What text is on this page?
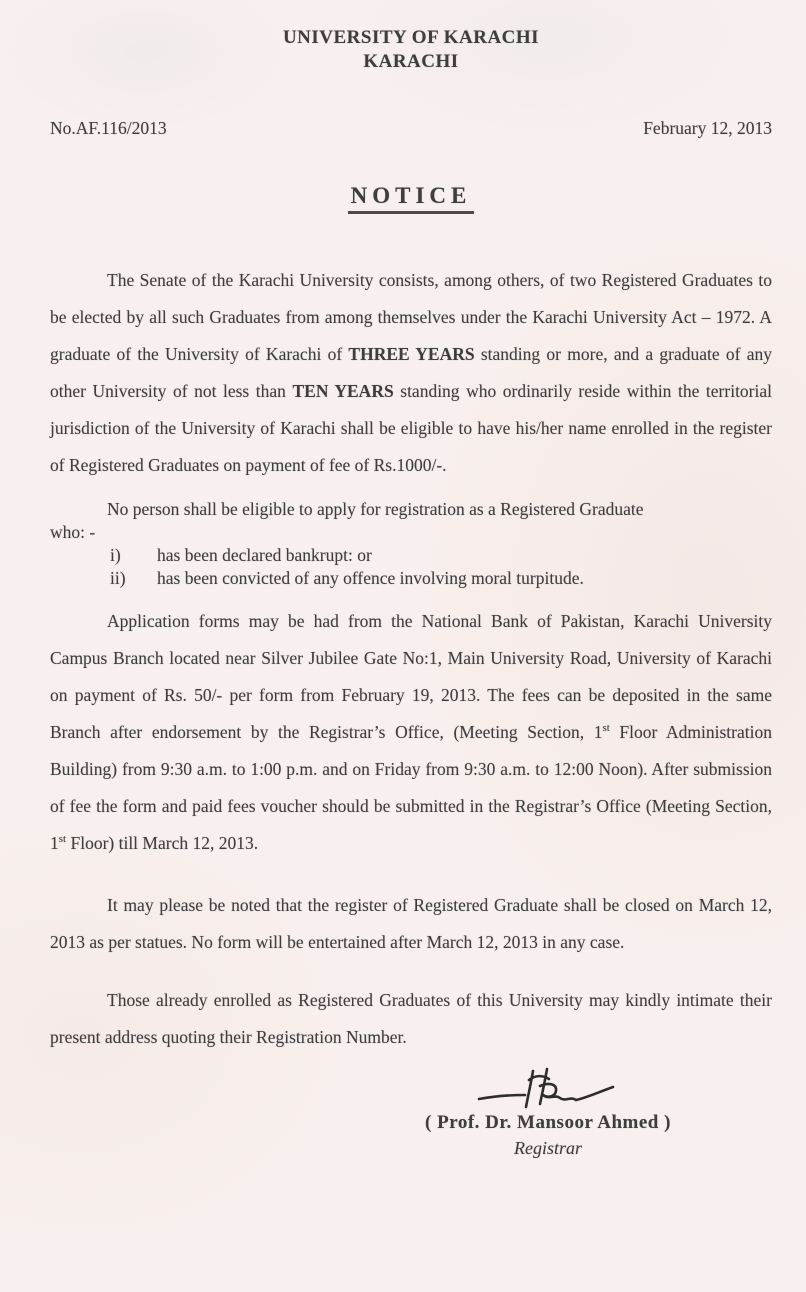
UNIVERSITY OF KARACHI
KARACHI
No.AF.116/2013	February 12, 2013
NOTICE

The Senate of the Karachi University consists, among others, of two Registered Graduates to be elected by all such Graduates from among themselves under the Karachi University Act – 1972. A graduate of the University of Karachi of THREE YEARS standing or more, and a graduate of any other University of not less than TEN YEARS standing who ordinarily reside within the territorial jurisdiction of the University of Karachi shall be eligible to have his/her name enrolled in the register of Registered Graduates on payment of fee of Rs.1000/-.

No person shall be eligible to apply for registration as a Registered Graduate
who: -

i)	has been declared bankrupt: or
ii)	has been convicted of any offence involving moral turpitude.

Application forms may be had from the National Bank of Pakistan, Karachi University Campus Branch located near Silver Jubilee Gate No:1, Main University Road, University of Karachi on payment of Rs. 50/- per form from February 19, 2013. The fees can be deposited in the same Branch after endorsement by the Registrar’s Office, (Meeting Section, 1st Floor Administration Building) from 9:30 a.m. to 1:00 p.m. and on Friday from 9:30 a.m. to 12:00 Noon). After submission of fee the form and paid fees voucher should be submitted in the Registrar’s Office (Meeting Section, 1st Floor) till March 12, 2013.

It may please be noted that the register of Registered Graduate shall be closed on March 12, 2013 as per statues. No form will be entertained after March 12, 2013 in any case.

Those already enrolled as Registered Graduates of this University may kindly intimate their present address quoting their Registration Number.

( Prof. Dr. Mansoor Ahmed )
Registrar
